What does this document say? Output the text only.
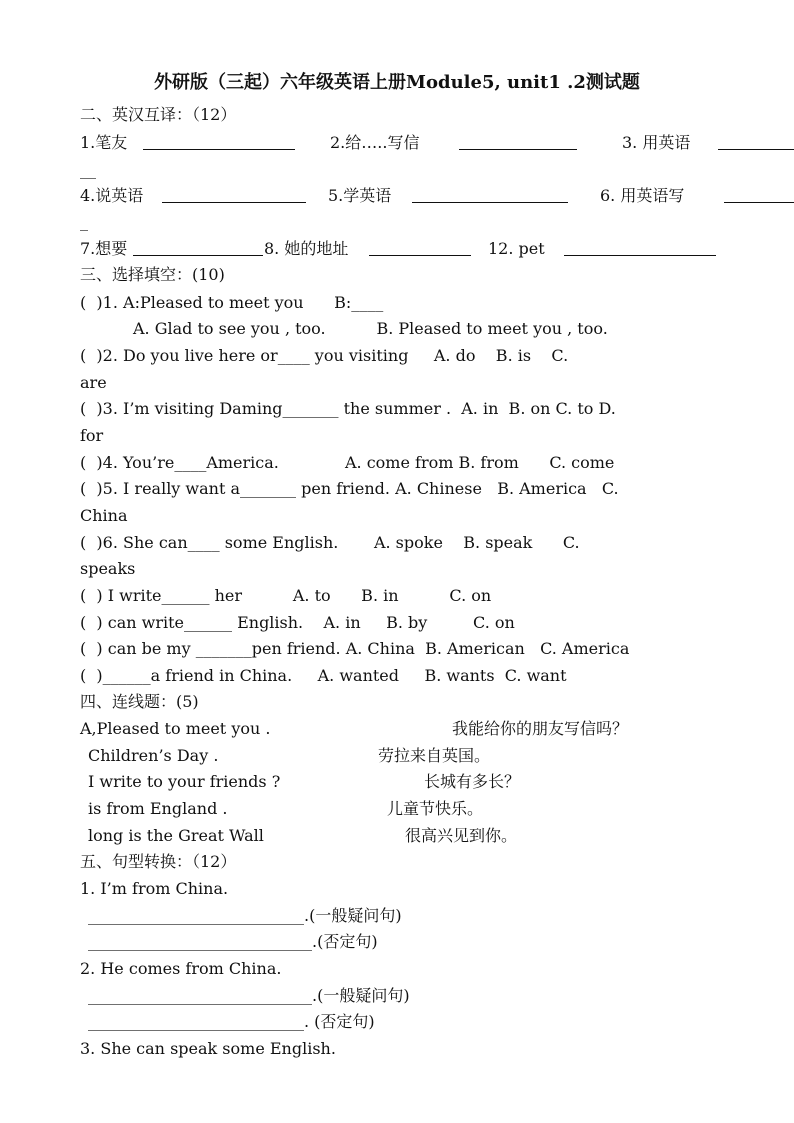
外研版（三起）六年级英语上册Module5, unit1 .2测试题
二、英汉互译：（12）
1.笔友	2.给…..写信	3. 用英语
__
4.说英语	5.学英语	6. 用英语写
_
7.想要	8. 她的地址	12. pet
三、选择填空：(10)
(  )1. A:Pleased to meet you      B:____
A. Glad to see you , too.          B. Pleased to meet you , too.
(  )2. Do you live here or____ you visiting     A. do    B. is    C.
are
(  )3. I’m visiting Daming_______ the summer .  A. in  B. on C. to D.
for
(  )4. You’re____America.             A. come from B. from      C. come
(  )5. I really want a_______ pen friend. A. Chinese   B. America   C.
China
(  )6. She can____ some English.       A. spoke    B. speak      C.
speaks
(  ) I write______ her          A. to      B. in          C. on
(  ) can write______ English.    A. in     B. by         C. on
(  ) can be my _______pen friend. A. China  B. American   C. America
(  )______a friend in China.     A. wanted     B. wants  C. want
四、连线题：(5)
A,Pleased to meet you .	我能给你的朋友写信吗？
Children’s Day .	劳拉来自英国。
I write to your friends ?	长城有多长？
is from England .	儿童节快乐。
long is the Great Wall	很高兴见到你。
五、句型转换：（12）
1. I’m from China.
___________________________.(一般疑问句)
____________________________.(否定句)
2. He comes from China.
____________________________.(一般疑问句)
___________________________. (否定句)
3. She can speak some English.
